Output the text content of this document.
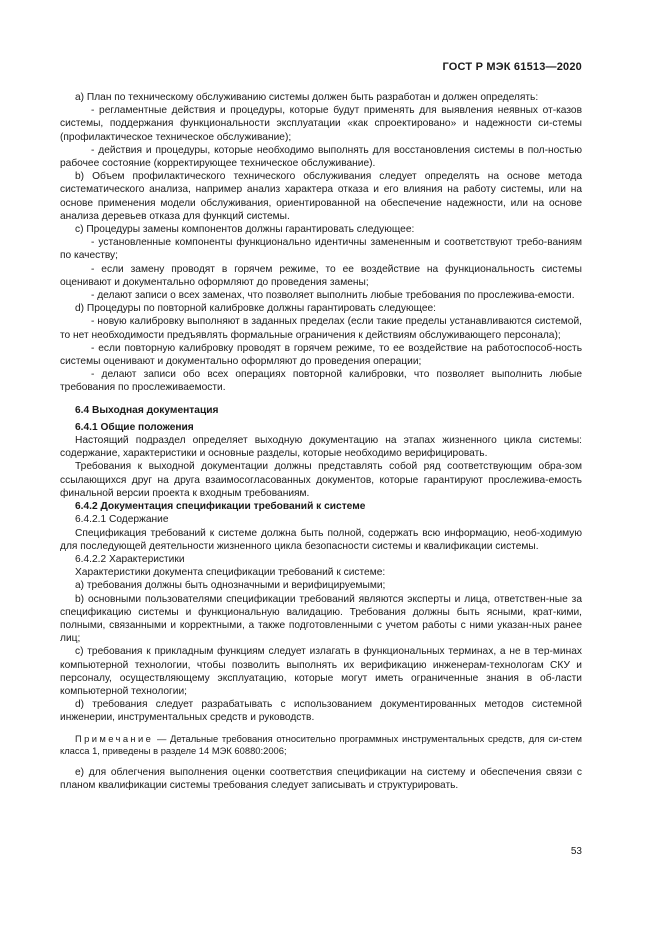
ГОСТ Р МЭК 61513—2020

a) План по техническому обслуживанию системы должен быть разработан и должен определять:

- регламентные действия и процедуры, которые будут применять для выявления неявных от-казов системы, поддержания функциональности эксплуатации «как спроектировано» и надежности си-стемы (профилактическое техническое обслуживание);

- действия и процедуры, которые необходимо выполнять для восстановления системы в пол-ностью рабочее состояние (корректирующее техническое обслуживание).

b) Объем профилактического технического обслуживания следует определять на основе метода систематического анализа, например анализ характера отказа и его влияния на работу системы, или на основе применения модели обслуживания, ориентированной на обеспечение надежности, или на основе анализа деревьев отказа для функций системы.

c) Процедуры замены компонентов должны гарантировать следующее:

- установленные компоненты функционально идентичны замененным и соответствуют требо-ваниям по качеству;

- если замену проводят в горячем режиме, то ее воздействие на функциональность системы оценивают и документально оформляют до проведения замены;

- делают записи о всех заменах, что позволяет выполнить любые требования по прослежива-емости.

d) Процедуры по повторной калибровке должны гарантировать следующее:

- новую калибровку выполняют в заданных пределах (если такие пределы устанавливаются системой, то нет необходимости предъявлять формальные ограничения к действиям обслуживающего персонала);

- если повторную калибровку проводят в горячем режиме, то ее воздействие на работоспособ-ность системы оценивают и документально оформляют до проведения операции;

- делают записи обо всех операциях повторной калибровки, что позволяет выполнить любые требования по прослеживаемости.

6.4 Выходная документация
6.4.1 Общие положения

Настоящий подраздел определяет выходную документацию на этапах жизненного цикла системы: содержание, характеристики и основные разделы, которые необходимо верифицировать.

Требования к выходной документации должны представлять собой ряд соответствующим обра-зом ссылающихся друг на друга взаимосогласованных документов, которые гарантируют прослежива-емость финальной версии проекта к входным требованиям.

6.4.2 Документация спецификации требований к системе
6.4.2.1 Содержание

Спецификация требований к системе должна быть полной, содержать всю информацию, необ-ходимую для последующей деятельности жизненного цикла безопасности системы и квалификации системы.

6.4.2.2 Характеристики

Характеристики документа спецификации требований к системе:

a) требования должны быть однозначными и верифицируемыми;

b) основными пользователями спецификации требований являются эксперты и лица, ответствен-ные за спецификацию системы и функциональную валидацию. Требования должны быть ясными, крат-кими, полными, связанными и корректными, а также подготовленными с учетом работы с ними указан-ных ранее лиц;

c) требования к прикладным функциям следует излагать в функциональных терминах, а не в тер-минах компьютерной технологии, чтобы позволить выполнять их верификацию инженерам-технологам СКУ и персоналу, осуществляющему эксплуатацию, которые могут иметь ограниченные знания в об-ласти компьютерной технологии;

d) требования следует разрабатывать с использованием документированных методов системной инженерии, инструментальных средств и руководств.

Примечание — Детальные требования относительно программных инструментальных средств, для си-стем класса 1, приведены в разделе 14 МЭК 60880:2006;

e) для облегчения выполнения оценки соответствия спецификации на систему и обеспечения связи с планом квалификации системы требования следует записывать и структурировать.

53
